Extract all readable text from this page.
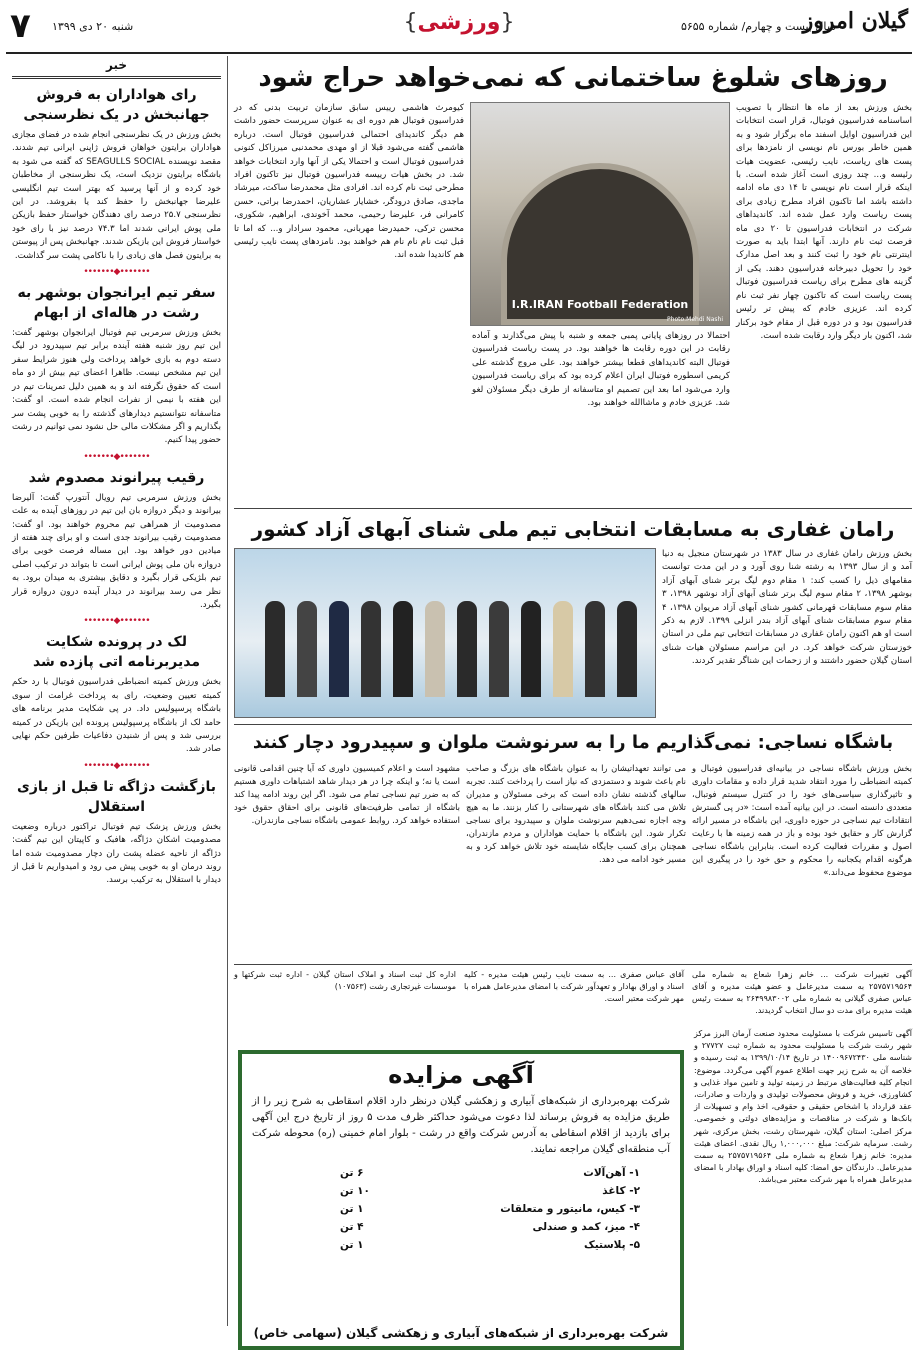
گیلان امروز
سال بیست و چهارم/ شماره ۵۶۵۵
{ورزشی}
شنبه ۲۰ دی ۱۳۹۹
۷
خبر
رای هواداران به فروش جهانبخش در یک نظرسنجی
بخش ورزش در یک نظرسنجی انجام شده در فضای مجازی هواداران برایتون خواهان فروش ژاپنی ایرانی تیم شدند. مقصد نویسنده SEAGULLS SOCIAL که گفته می شود به باشگاه برایتون نزدیک است، یک نظرسنجی از مخاطبان خود کرده و از آنها پرسید که بهتر است تیم انگلیسی علیرضا جهانبخش را حفظ کند یا بفروشد. در این نظرسنجی ۲۵.۷ درصد رای دهندگان خواستار حفظ بازیکن ملی پوش ایرانی شدند اما ۷۴.۳ درصد نیز با رای خود خواستار فروش این بازیکن شدند. جهانبخش پس از پیوستن به برایتون فصل های زیادی را با ناکامی پشت سر گذاشت.
•••••••◆•••••••
سفر تیم ایرانجوان بوشهر به رشت در هاله‌ای از ابهام
بخش ورزش سرمربی تیم فوتبال ایرانجوان بوشهر گفت: این تیم روز شنبه هفته آینده برابر تیم سپیدرود در لیگ دسته دوم به بازی خواهد پرداخت ولی هنوز شرایط سفر این تیم مشخص نیست. ظاهرا اعضای تیم بیش از دو ماه است که حقوق نگرفته اند و به همین دلیل تمرینات تیم در این هفته با نیمی از نفرات انجام شده است. او گفت: متاسفانه نتوانستیم دیدارهای گذشته را به خوبی پشت سر بگذاریم و اگر مشکلات مالی حل نشود نمی توانیم در رشت حضور پیدا کنیم.
•••••••◆•••••••
رقیب پیرانوند مصدوم شد
بخش ورزش سرمربی تیم رویال آنتورپ گفت: آلیرضا بیرانوند و دیگر دروازه بان این تیم در روزهای آینده به علت مصدومیت از همراهی تیم محروم خواهند بود. او گفت: مصدومیت رقیب بیرانوند جدی است و او برای چند هفته از میادین دور خواهد بود. این مساله فرصت خوبی برای دروازه بان ملی پوش ایرانی است تا بتواند در ترکیب اصلی تیم بلژیکی قرار بگیرد و دقایق بیشتری به میدان برود. به نظر می رسد بیرانوند در دیدار آینده درون دروازه قرار بگیرد.
•••••••◆•••••••
لک در پرونده شکایت مدیربرنامه اتی پازده شد
بخش ورزش کمیته انضباطی فدراسیون فوتبال با رد حکم کمیته تعیین وضعیت، رای به پرداخت غرامت از سوی باشگاه پرسپولیس داد. در پی شکایت مدیر برنامه های حامد لک از باشگاه پرسپولیس پرونده این بازیکن در کمیته بررسی شد و پس از شنیدن دفاعیات طرفین حکم نهایی صادر شد.
•••••••◆•••••••
بازگشت دژاگه تا قبل از بازی استقلال
بخش ورزش پزشک تیم فوتبال تراکتور درباره وضعیت مصدومیت اشکان دژاگه، هافبک و کاپیتان این تیم گفت: دژاگه از ناحیه عضله پشت ران دچار مصدومیت شده اما روند درمان او به خوبی پیش می رود و امیدواریم تا قبل از دیدار با استقلال به ترکیب برسد.
روزهای شلوغ ساختمانی که نمی‌خواهد حراج شود
بخش ورزش بعد از ماه ها انتظار با تصویب اساسنامه فدراسیون فوتبال، قرار است انتخابات این فدراسیون اوایل اسفند ماه برگزار شود و به همین خاطر بورس نام نویسی از نامزدها برای پست های ریاست، نایب رئیسی، عضویت هیات رئیسه و... چند روزی است آغاز شده است. با اینکه قرار است نام نویسی تا ۱۴ دی ماه ادامه داشته باشد اما تاکنون افراد مطرح زیادی برای پست ریاست وارد عمل شده اند. کاندیداهای شرکت در انتخابات فدراسیون تا ۲۰ دی ماه فرصت ثبت نام دارند. آنها ابتدا باید به صورت اینترنتی نام خود را ثبت کنند و بعد اصل مدارک خود را تحویل دبیرخانه فدراسیون دهند. یکی از گزینه های مطرح برای ریاست فدراسیون فوتبال پست ریاست است که تاکنون چهار نفر ثبت نام کرده اند. عزیزی خادم که پیش تر رئیس فدراسیون بود و در دوره قبل از مقام خود برکنار شد، اکنون بار دیگر وارد رقابت شده است.
I.R.IRAN Football Federation
Photo:Mehdi Nashi
احتمالا در روزهای پایانی پمبی جمعه و شنبه با پیش می‌گذارند و آماده رقابت در این دوره رقابت ها خواهند بود. در پست ریاست فدراسیون فوتبال البته کاندیداهای قطعا بیشتر خواهند بود. علی مروج گذشته علی کریمی اسطوره فوتبال ایران اعلام کرده بود که برای ریاست فدراسیون وارد می‌شود اما بعد این تصمیم او متاسفانه از طرف دیگر مسئولان لغو شد. عزیزی خادم و ماشاالله خواهند بود.
کیومرث هاشمی رییس سابق سازمان تربیت بدنی که در فدراسیون فوتبال هم دوره ای به عنوان سرپرست حضور داشت هم دیگر کاندیدای احتمالی فدراسیون فوتبال است. درباره هاشمی گفته می‌شود قبلا از او مهدی محمدنبی میرزاکل کنونی فدراسیون فوتبال است و احتمالا یکی از آنها وارد انتخابات خواهد شد. در بخش هیات رییسه فدراسیون فوتبال نیز تاکنون افراد مطرحی ثبت نام کرده اند. افرادی مثل محمدرضا ساکت، میرشاد ماجدی، صادق درودگر، خشایار عشاریان، احمدرضا براتی، حسن کامرانی فر، علیرضا رحیمی، محمد آخوندی، ابراهیم، شکوری، محسن ترکی، حمیدرضا مهربانی، محمود سرادار و... که اما تا قبل ثبت نام نام نام هم خواهند بود. نامزدهای پست نایب رئیسی هم کاندیدا شده اند.
رامان غفاری به مسابقات انتخابی تیم ملی شنای آبهای آزاد کشور
بخش ورزش رامان غفاری در سال ۱۳۸۳ در شهرستان منجیل به دنیا آمد و از سال ۱۳۹۳ به رشته شنا روی آورد و در این مدت توانست مقامهای ذیل را کسب کند: ۱ مقام دوم لیگ برتر شنای آبهای آزاد بوشهر ۱۳۹۸، ۲ مقام سوم لیگ برتر شنای آبهای آزاد نوشهر ۱۳۹۸، ۳ مقام سوم مسابقات قهرمانی کشور شنای آبهای آزاد مریوان ۱۳۹۸، ۴ مقام سوم مسابقات شنای آبهای آزاد بندر انزلی ۱۳۹۹. لازم به ذکر است او هم اکنون رامان غفاری در مسابقات انتخابی تیم ملی در استان خوزستان شرکت خواهد کرد. در این مراسم مسئولان هیات شنای استان گیلان حضور داشتند و از زحمات این شناگر تقدیر کردند.
باشگاه نساجی: نمی‌گذاریم ما را به سرنوشت ملوان و سپیدرود دچار کنند
بخش ورزش باشگاه نساجی در بیانیه‌ای فدراسیون فوتبال و کمیته انضباطی را مورد انتقاد شدید قرار داده و مقامات داوری و تاثیرگذاری سیاسی‌های خود را در کنترل سیستم فوتبال، متعددی دانسته است. در این بیانیه آمده است: «در پی گسترش انتقادات تیم نساجی در حوزه داوری، این باشگاه در مسیر ارائه گزارش کار و حقایق خود بوده و باز در همه زمینه ها با رعایت اصول و مقررات فعالیت کرده است. بنابراین باشگاه نساجی هرگونه اقدام یکجانبه را محکوم و حق خود را در پیگیری این موضوع محفوظ می‌داند.»
می توانند تعهداتیشان را به عنوان باشگاه های بزرگ و صاحب نام باعث شوند و دستمزدی که نیاز است را پرداخت کنند. تجربه سالهای گذشته نشان داده است که برخی مسئولان و مدیران تلاش می کنند باشگاه های شهرستانی را کنار بزنند. ما به هیچ وجه اجازه نمی‌دهیم سرنوشت ملوان و سپیدرود برای نساجی تکرار شود. این باشگاه با حمایت هواداران و مردم مازندران، همچنان برای کسب جایگاه شایسته خود تلاش خواهد کرد و به مسیر خود ادامه می دهد.
مشهود است و اعلام کمیسیون داوری که آیا چنین اقدامی قانونی است یا نه؛ و اینکه چرا در هر دیدار شاهد اشتباهات داوری هستیم که به ضرر تیم نساجی تمام می شود. اگر این روند ادامه پیدا کند باشگاه از تمامی ظرفیت‌های قانونی برای احقاق حقوق خود استفاده خواهد کرد. روابط عمومی باشگاه نساجی مازندران.
آگهی تغییرات شرکت ... خانم زهرا شعاع به شماره ملی ۲۵۷۵۷۱۹۵۶۴ به سمت مدیرعامل و عضو هیئت مدیره و آقای عباس صفری گیلانی به شماره ملی ۲۶۴۹۹۸۳۰۰۲ به سمت رئیس هیئت مدیره برای مدت دو سال انتخاب گردیدند.
آقای عباس صفری ... به سمت نایب رئیس هیئت مدیره - کلیه اسناد و اوراق بهادار و تعهدآور شرکت با امضای مدیرعامل همراه با مهر شرکت معتبر است.
اداره کل ثبت اسناد و املاک استان گیلان - اداره ثبت شرکتها و موسسات غیرتجاری رشت (۱۰۷۵۶۳)
آگهی مزایده
شرکت بهره‌برداری از شبکه‌های آبیاری و زهکشی گیلان درنظر دارد اقلام اسقاطی به شرح زیر را از طریق مزایده به فروش برساند لذا دعوت می‌شود حداکثر ظرف مدت ۵ روز از تاریخ درج این آگهی برای بازدید از اقلام اسقاطی به آدرس شرکت واقع در رشت - بلوار امام خمینی (ره) محوطه شرکت آب منطقه‌ای گیلان مراجعه نمایند.
۱- آهن‌آلات
۶ تن
۲- کاغذ
۱۰ تن
۳- کیس، مانیتور و متعلقات
۱ تن
۴- میز، کمد و صندلی
۴ تن
۵- پلاستیک
۱ تن
شرکت بهره‌برداری از شبکه‌های آبیاری و زهکشی گیلان (سهامی خاص)
آگهی تاسیس شرکت با مسئولیت محدود صنعت آرمان البرز مرکز شهر رشت شرکت با مسئولیت محدود به شماره ثبت ۲۷۷۲۷ و شناسه ملی ۱۴۰۰۹۶۷۲۴۳۰ در تاریخ ۱۳۹۹/۱۰/۱۴ به ثبت رسیده و خلاصه آن به شرح زیر جهت اطلاع عموم آگهی می‌گردد. موضوع: انجام کلیه فعالیت‌های مرتبط در زمینه تولید و تامین مواد غذایی و کشاورزی، خرید و فروش محصولات تولیدی و واردات و صادرات، عقد قرارداد با اشخاص حقیقی و حقوقی، اخذ وام و تسهیلات از بانک‌ها و شرکت در مناقصات و مزایده‌های دولتی و خصوصی. مرکز اصلی: استان گیلان، شهرستان رشت، بخش مرکزی، شهر رشت. سرمایه شرکت: مبلغ ۱,۰۰۰,۰۰۰ ریال نقدی. اعضای هیئت مدیره: خانم زهرا شعاع به شماره ملی ۲۵۷۵۷۱۹۵۶۴ به سمت مدیرعامل. دارندگان حق امضا: کلیه اسناد و اوراق بهادار با امضای مدیرعامل همراه با مهر شرکت معتبر می‌باشد.
